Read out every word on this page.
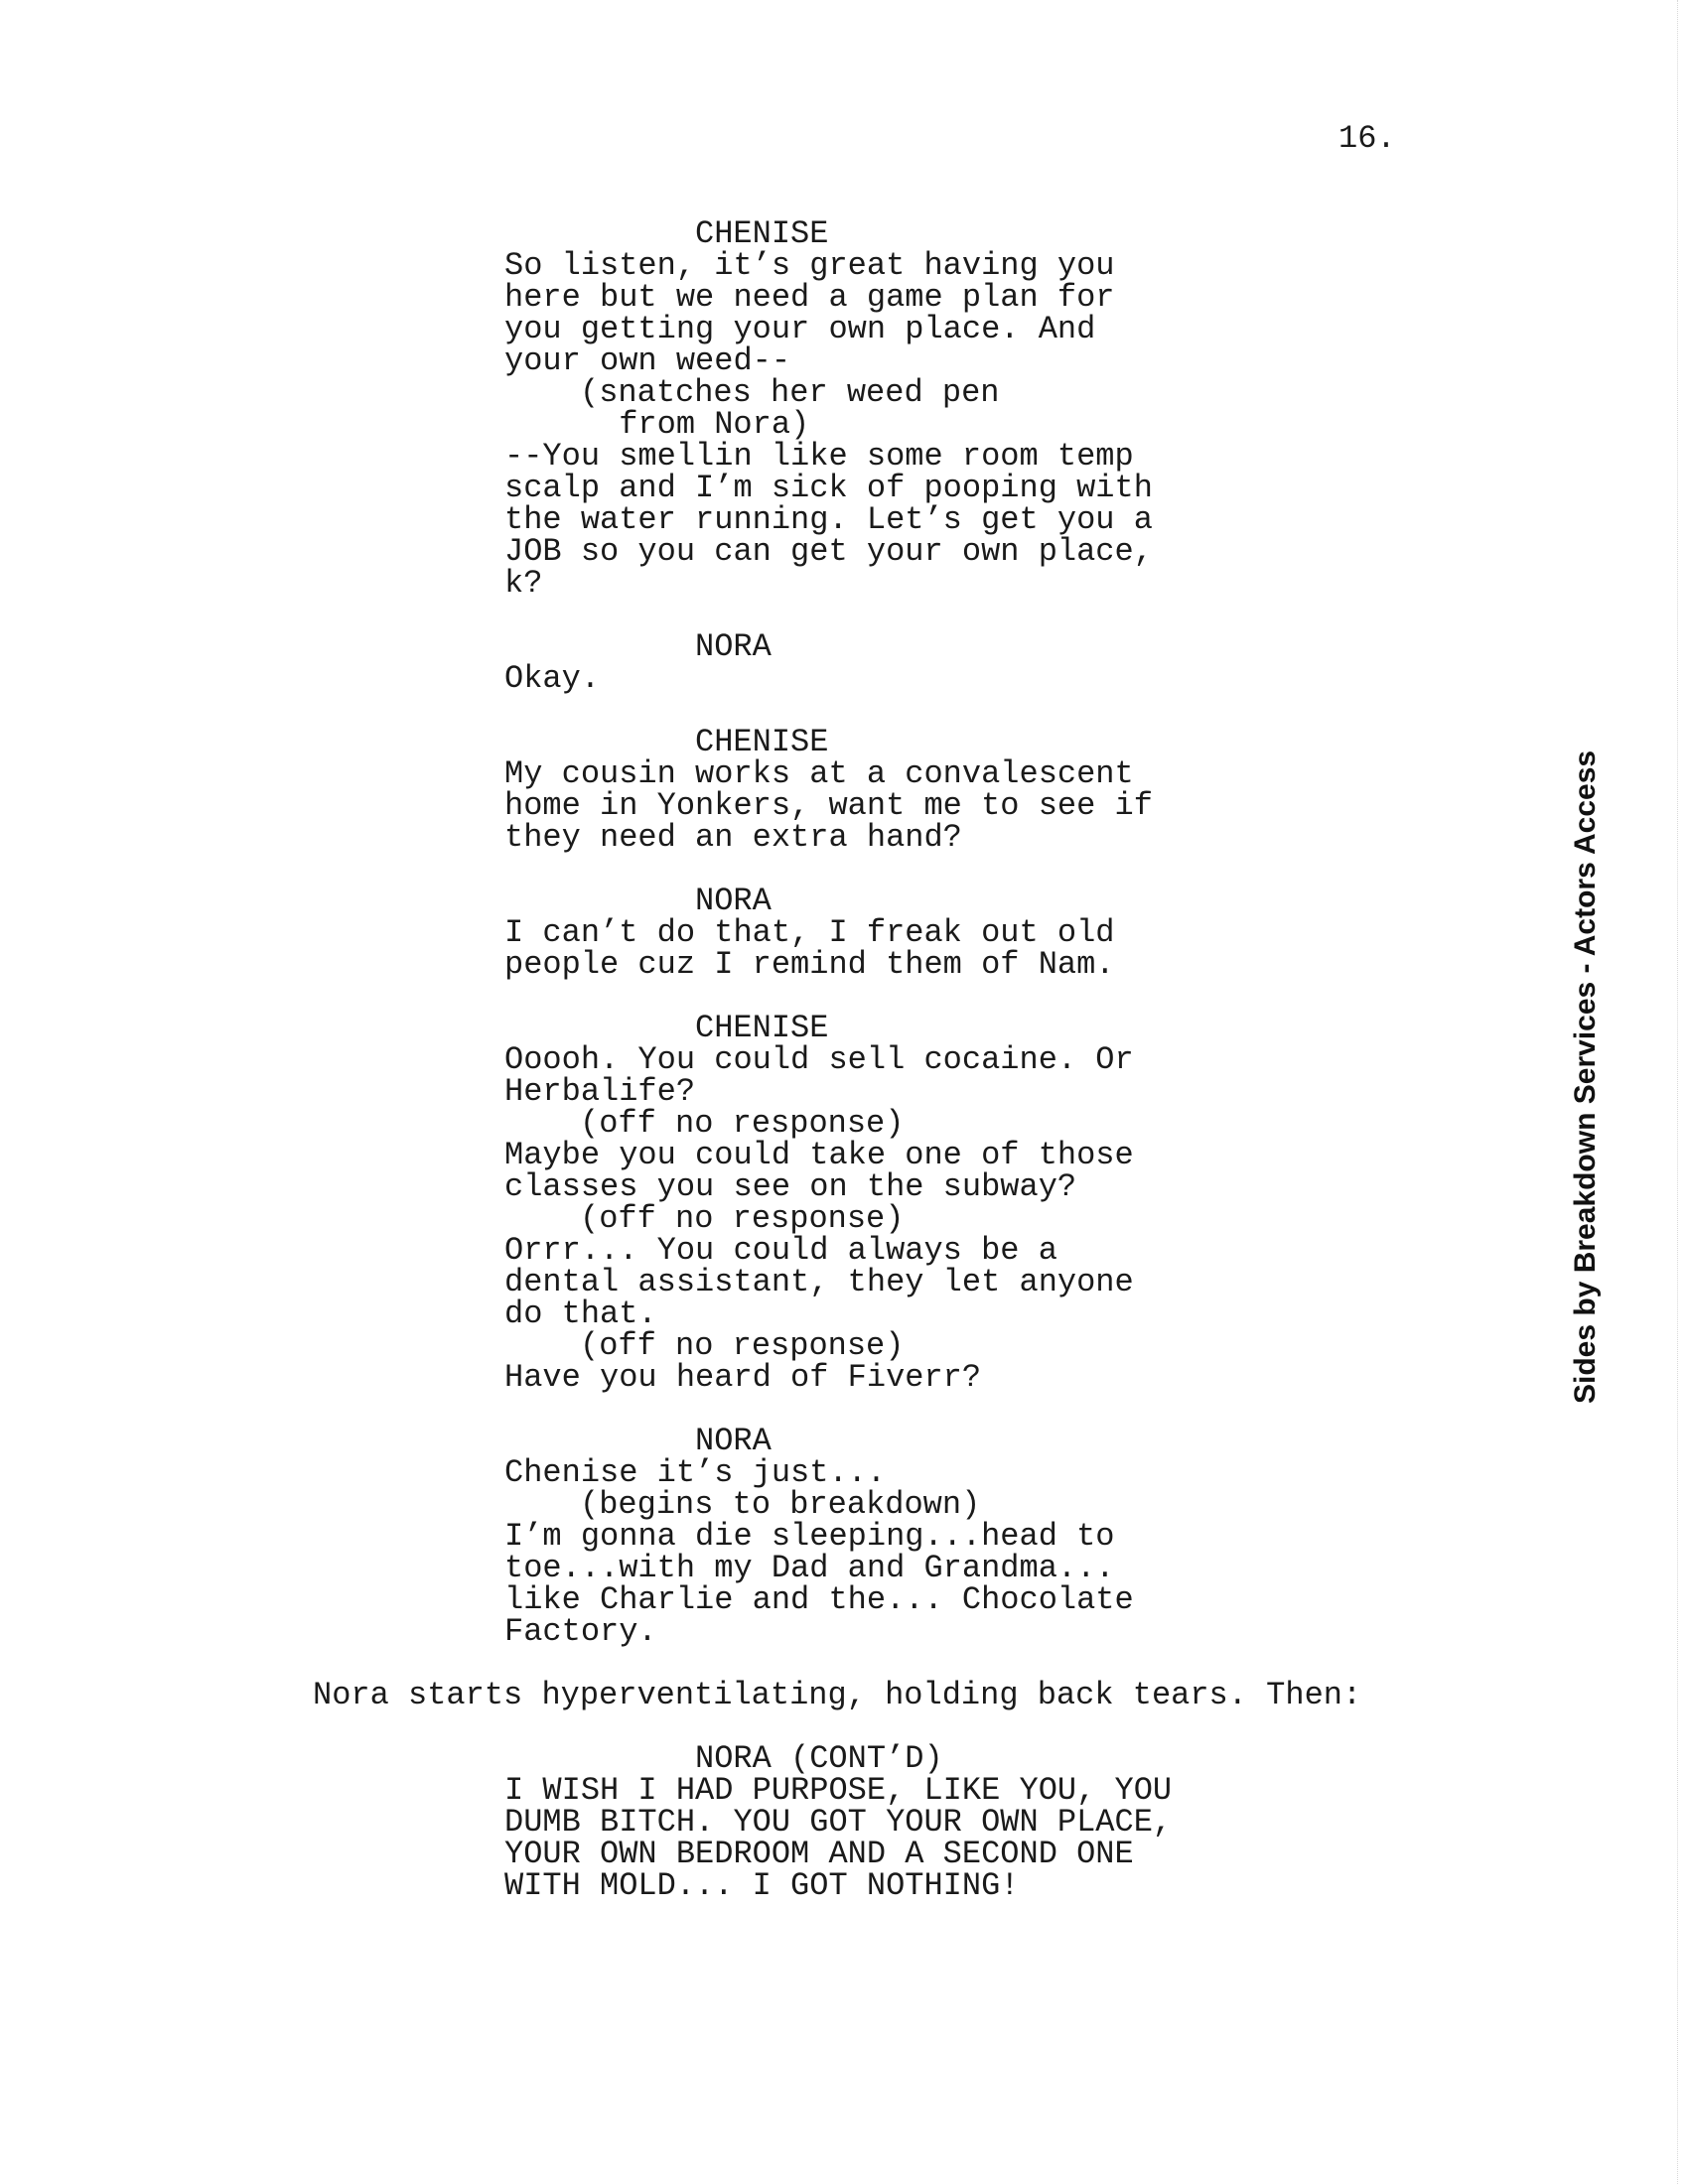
16.
CHENISE
So listen, it’s great having you
here but we need a game plan for
you getting your own place. And
your own weed--
(snatches her weed pen
from Nora)
--You smellin like some room temp
scalp and I’m sick of pooping with
the water running. Let’s get you a
JOB so you can get your own place,
k?
NORA
Okay.
CHENISE
My cousin works at a convalescent
home in Yonkers, want me to see if
they need an extra hand?
NORA
I can’t do that, I freak out old
people cuz I remind them of Nam.
CHENISE
Ooooh. You could sell cocaine. Or
Herbalife?
(off no response)
Maybe you could take one of those
classes you see on the subway?
(off no response)
Orrr... You could always be a
dental assistant, they let anyone
do that.
(off no response)
Have you heard of Fiverr?
NORA
Chenise it’s just...
(begins to breakdown)
I’m gonna die sleeping...head to
toe...with my Dad and Grandma...
like Charlie and the... Chocolate
Factory.
Nora starts hyperventilating, holding back tears. Then:
NORA (CONT’D)
I WISH I HAD PURPOSE, LIKE YOU, YOU
DUMB BITCH. YOU GOT YOUR OWN PLACE,
YOUR OWN BEDROOM AND A SECOND ONE
WITH MOLD... I GOT NOTHING!
Sides by Breakdown Services - Actors Access
